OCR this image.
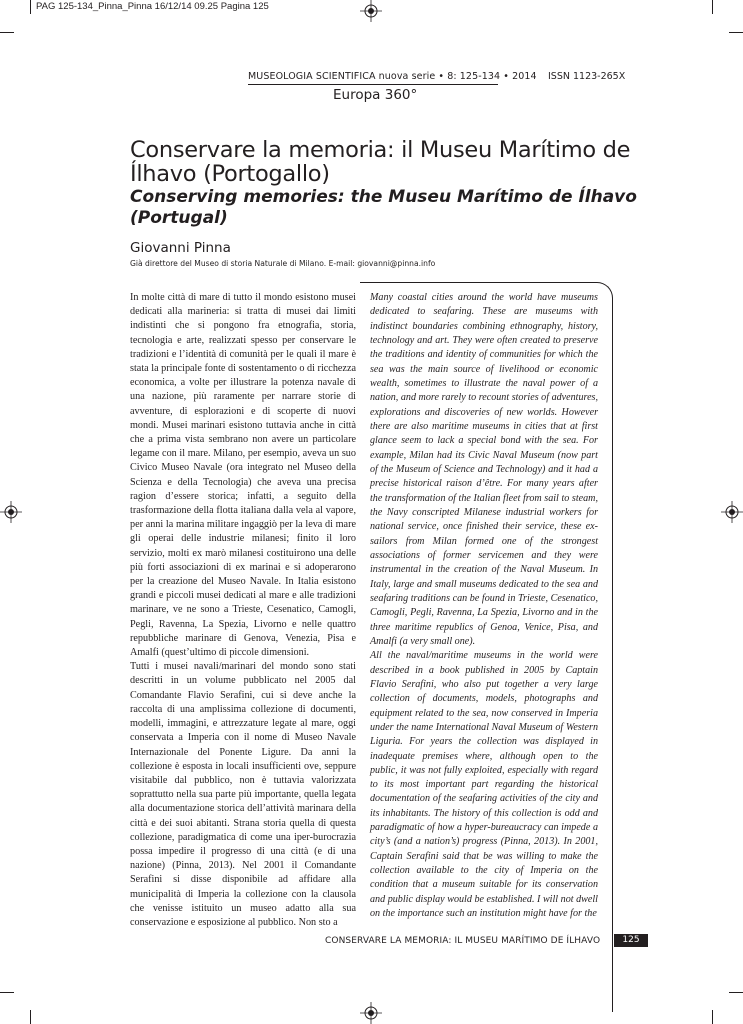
PAG 125-134_Pinna_Pinna 16/12/14 09.25 Pagina 125
MUSEOLOGIA SCIENTIFICA nuova serie • 8: 125-134 • 2014 ISSN 1123-265X
Europa 360°
Conservare la memoria: il Museu Marítimo de Ílhavo (Portogallo)
Conserving memories: the Museu Marítimo de Ílhavo (Portugal)
Giovanni Pinna
Già direttore del Museo di storia Naturale di Milano. E-mail: giovanni@pinna.info

In molte città di mare di tutto il mondo esistono musei dedicati alla marineria: si tratta di musei dai limiti indistinti che si pongono fra etnografia, storia, tecnologia e arte, realizzati spesso per conservare le tradizioni e l’identità di comunità per le quali il mare è stata la principale fonte di sostentamento o di ricchezza economica, a volte per illustrare la potenza navale di una nazione, più raramente per narrare storie di avventure, di esplorazioni e di scoperte di nuovi mondi. Musei marinari esistono tuttavia anche in città che a prima vista sembrano non avere un particolare legame con il mare. Milano, per esempio, aveva un suo Civico Museo Navale (ora integrato nel Museo della Scienza e della Tecnologia) che aveva una precisa ragion d’essere storica; infatti, a seguito della trasformazione della flotta italiana dalla vela al vapore, per anni la marina militare ingaggiò per la leva di mare gli operai delle industrie milanesi; finito il loro servizio, molti ex marò milanesi costituirono una delle più forti associazioni di ex marinai e si adoperarono per la creazione del Museo Navale. In Italia esistono grandi e piccoli musei dedicati al mare e alle tradizioni marinare, ve ne sono a Trieste, Cesenatico, Camogli, Pegli, Ravenna, La Spezia, Livorno e nelle quattro repubbliche marinare di Genova, Venezia, Pisa e Amalfi (quest’ultimo di piccole dimensioni.

Tutti i musei navali/marinari del mondo sono stati descritti in un volume pubblicato nel 2005 dal Comandante Flavio Serafini, cui si deve anche la raccolta di una amplissima collezione di documenti, modelli, immagini, e attrezzature legate al mare, oggi conservata a Imperia con il nome di Museo Navale Internazionale del Ponente Ligure. Da anni la collezione è esposta in locali insufficienti ove, seppure visitabile dal pubblico, non è tuttavia valorizzata soprattutto nella sua parte più importante, quella legata alla documentazione storica dell’attività marinara della città e dei suoi abitanti. Strana storia quella di questa collezione, paradigmatica di come una iper-burocrazia possa impedire il progresso di una città (e di una nazione) (Pinna, 2013). Nel 2001 il Comandante Serafini si disse disponibile ad affidare alla municipalità di Imperia la collezione con la clausola che venisse istituito un museo adatto alla sua conservazione e esposizione al pubblico. Non sto a

Many coastal cities around the world have museums dedicated to seafaring. These are museums with indistinct boundaries combining ethnography, history, technology and art. They were often created to preserve the traditions and identity of communities for which the sea was the main source of livelihood or economic wealth, sometimes to illustrate the naval power of a nation, and more rarely to recount stories of adventures, explorations and discoveries of new worlds. However there are also maritime museums in cities that at first glance seem to lack a special bond with the sea. For example, Milan had its Civic Naval Museum (now part of the Museum of Science and Technology) and it had a precise historical raison d’être. For many years after the transformation of the Italian fleet from sail to steam, the Navy conscripted Milanese industrial workers for national service, once finished their service, these ex-sailors from Milan formed one of the strongest associations of former servicemen and they were instrumental in the creation of the Naval Museum. In Italy, large and small museums dedicated to the sea and seafaring traditions can be found in Trieste, Cesenatico, Camogli, Pegli, Ravenna, La Spezia, Livorno and in the three maritime republics of Genoa, Venice, Pisa, and Amalfi (a very small one).

All the naval/maritime museums in the world were described in a book published in 2005 by Captain Flavio Serafini, who also put together a very large collection of documents, models, photographs and equipment related to the sea, now conserved in Imperia under the name International Naval Museum of Western Liguria. For years the collection was displayed in inadequate premises where, although open to the public, it was not fully exploited, especially with regard to its most important part regarding the historical documentation of the seafaring activities of the city and its inhabitants. The history of this collection is odd and paradigmatic of how a hyper-bureaucracy can impede a city’s (and a nation’s) progress (Pinna, 2013). In 2001, Captain Serafini said that be was willing to make the collection available to the city of Imperia on the condition that a museum suitable for its conservation and public display would be established. I will not dwell on the importance such an institution might have for the

CONSERVARE LA MEMORIA: IL MUSEU MARÍTIMO DE ÍLHAVO	125
